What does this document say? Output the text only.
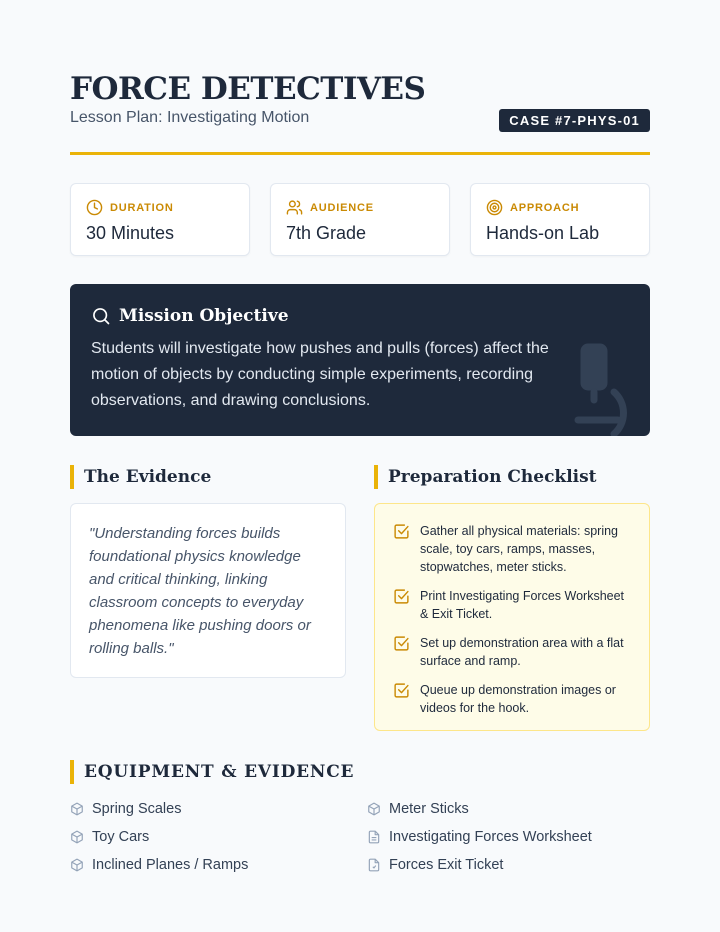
FORCE DETECTIVES
Lesson Plan: Investigating Motion	CASE #7-PHYS-01
DURATION
30 Minutes
AUDIENCE
7th Grade
APPROACH
Hands-on Lab
Mission Objective
Students will investigate how pushes and pulls (forces) affect the motion of objects by conducting simple experiments, recording observations, and drawing conclusions.
The Evidence
"Understanding forces builds foundational physics knowledge and critical thinking, linking classroom concepts to everyday phenomena like pushing doors or rolling balls."
Preparation Checklist
Gather all physical materials: spring scale, toy cars, ramps, masses, stopwatches, meter sticks.
Print Investigating Forces Worksheet & Exit Ticket.
Set up demonstration area with a flat surface and ramp.
Queue up demonstration images or videos for the hook.
EQUIPMENT & EVIDENCE
Spring Scales	Meter Sticks
Toy Cars	Investigating Forces Worksheet
Inclined Planes / Ramps	Forces Exit Ticket
